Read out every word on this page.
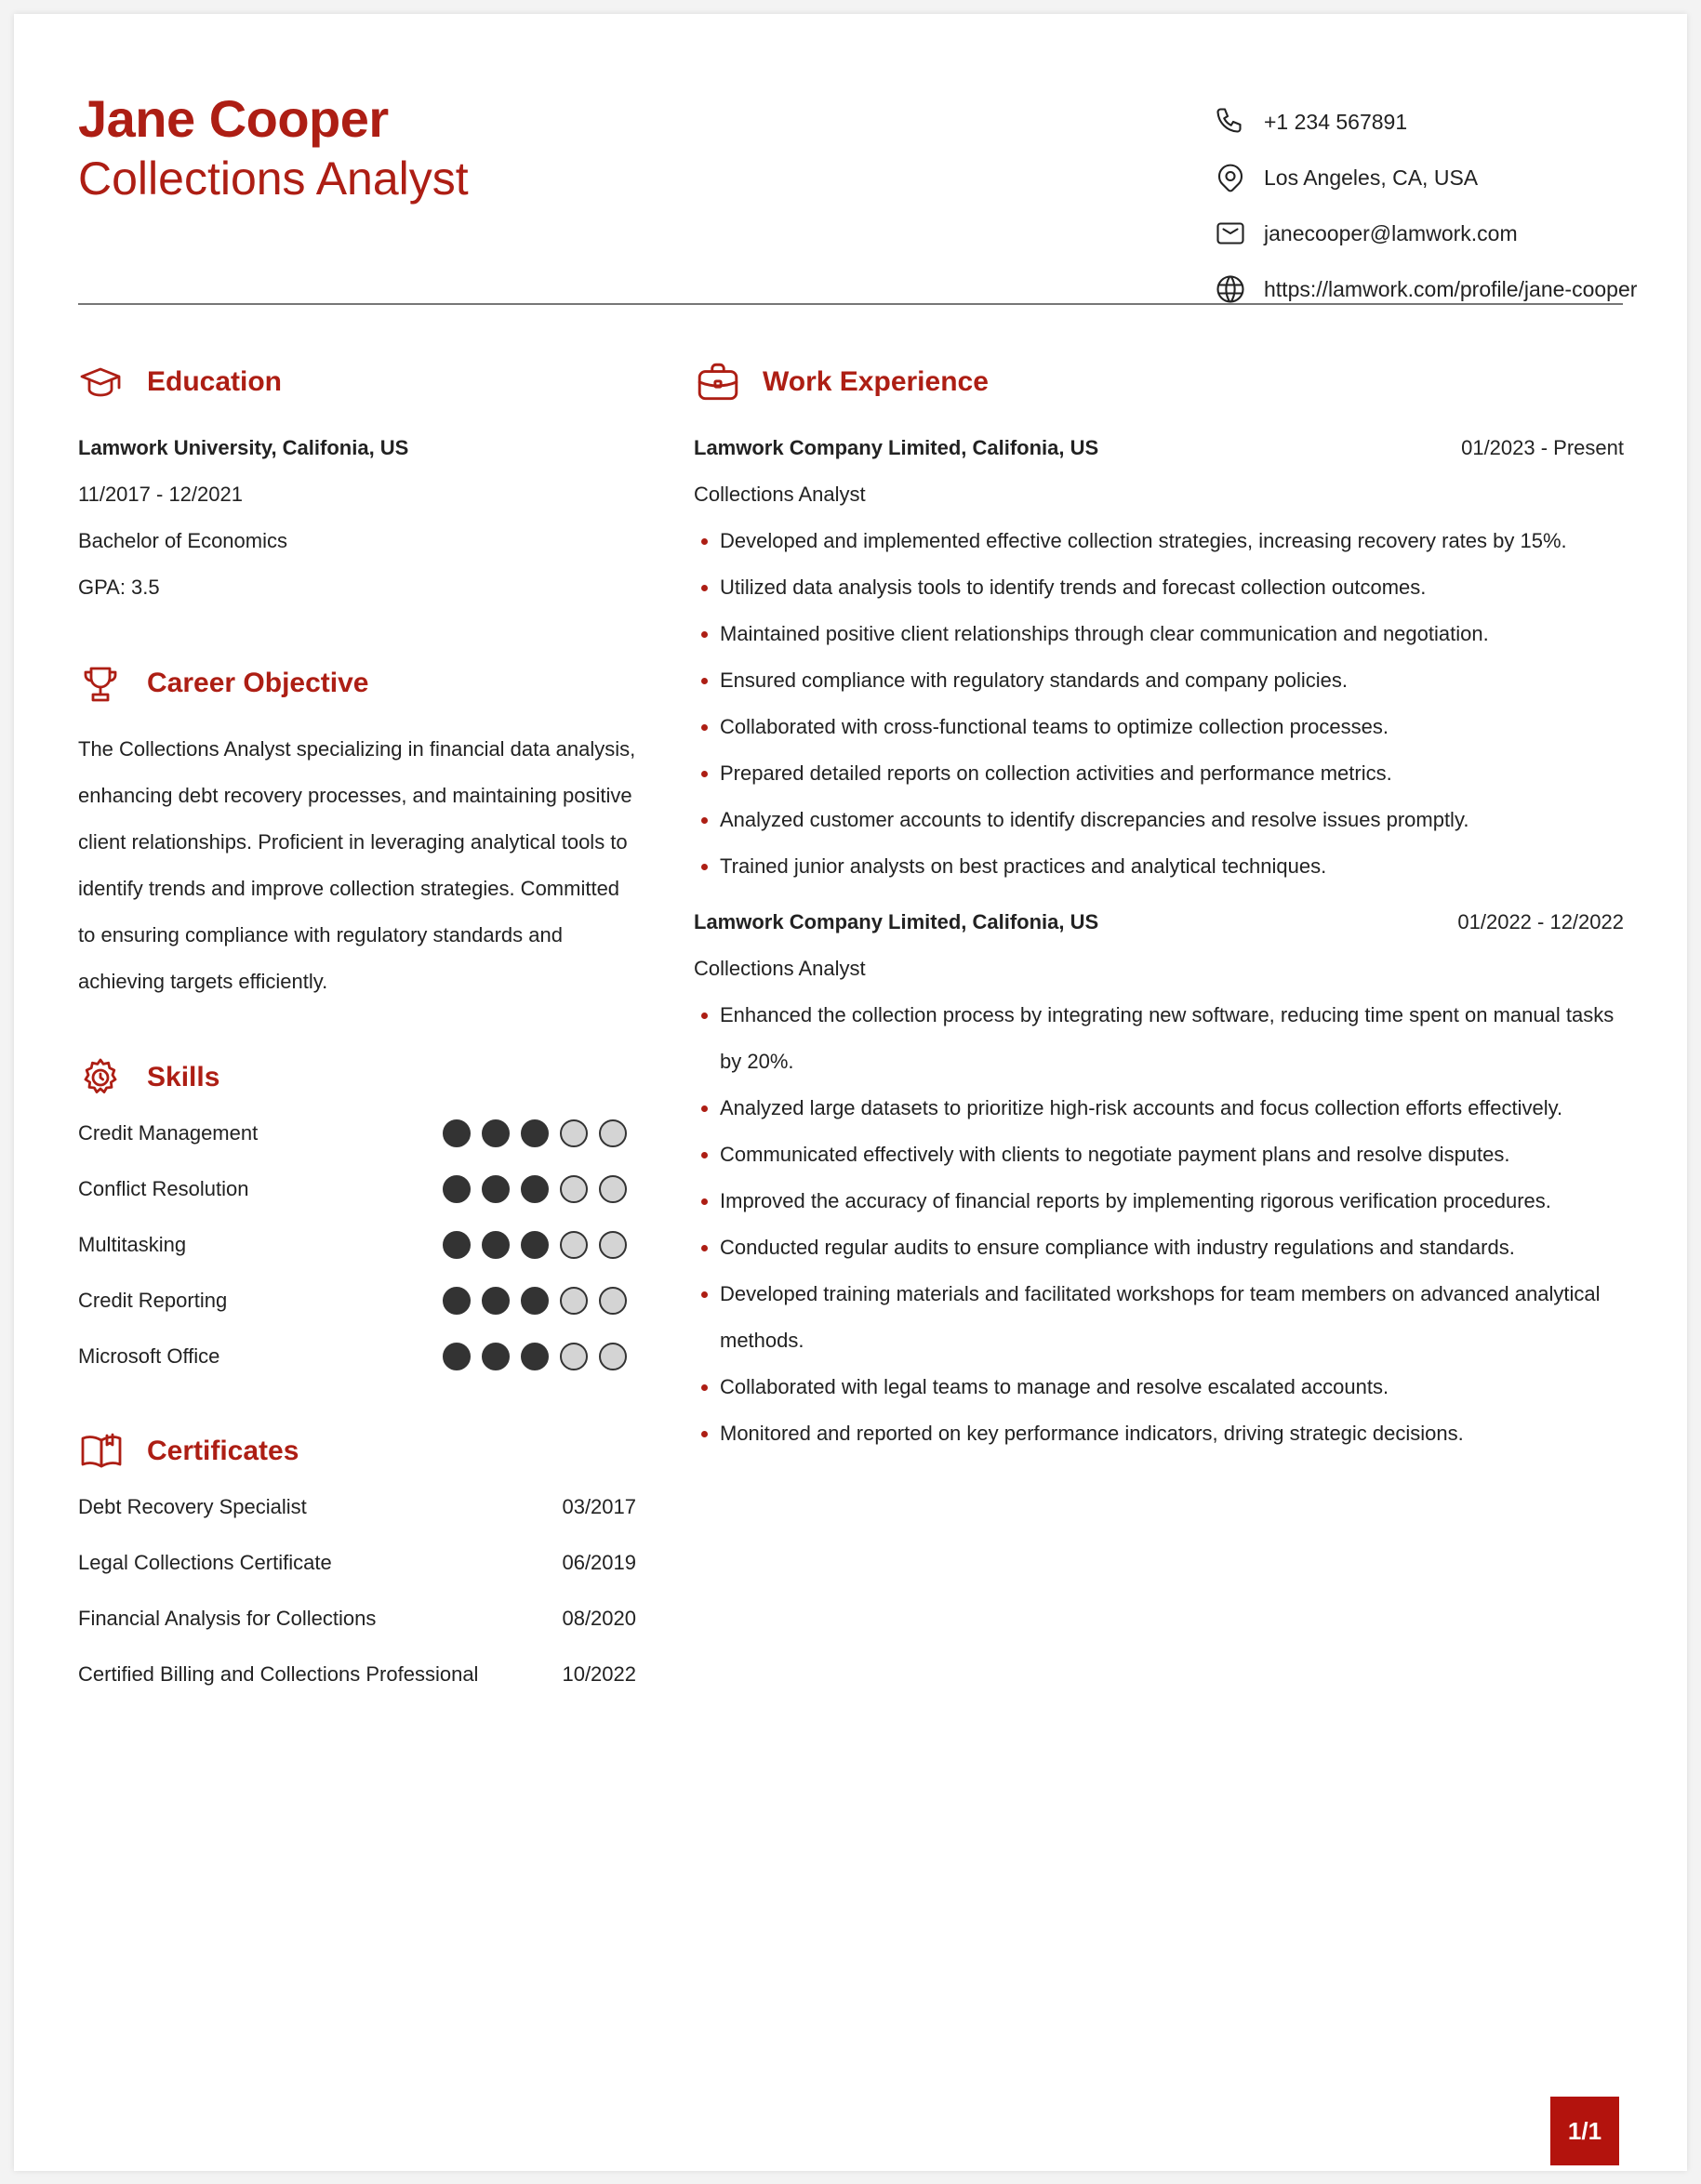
Jane Cooper
Collections Analyst
+1 234 567891
Los Angeles, CA, USA
janecooper@lamwork.com
https://lamwork.com/profile/jane-cooper
Education
Lamwork University, Califonia, US
11/2017 - 12/2021
Bachelor of Economics
GPA: 3.5
Career Objective

The Collections Analyst specializing in financial data analysis,

enhancing debt recovery processes, and maintaining positive

client relationships. Proficient in leveraging analytical tools to

identify trends and improve collection strategies. Committed

to ensuring compliance with regulatory standards and

achieving targets efficiently.

Skills
Credit Management
Conflict Resolution
Multitasking
Credit Reporting
Microsoft Office
Certificates
Debt Recovery Specialist	03/2017
Legal Collections Certificate	06/2019
Financial Analysis for Collections	08/2020
Certified Billing and Collections Professional	10/2022
Work Experience
Lamwork Company Limited, Califonia, US	01/2023 - Present
Collections Analyst
Developed and implemented effective collection strategies, increasing recovery rates by 15%.
Utilized data analysis tools to identify trends and forecast collection outcomes.
Maintained positive client relationships through clear communication and negotiation.
Ensured compliance with regulatory standards and company policies.
Collaborated with cross-functional teams to optimize collection processes.
Prepared detailed reports on collection activities and performance metrics.
Analyzed customer accounts to identify discrepancies and resolve issues promptly.
Trained junior analysts on best practices and analytical techniques.
Lamwork Company Limited, Califonia, US	01/2022 - 12/2022
Collections Analyst
Enhanced the collection process by integrating new software, reducing time spent on manual tasks by 20%.
Analyzed large datasets to prioritize high-risk accounts and focus collection efforts effectively.
Communicated effectively with clients to negotiate payment plans and resolve disputes.
Improved the accuracy of financial reports by implementing rigorous verification procedures.
Conducted regular audits to ensure compliance with industry regulations and standards.
Developed training materials and facilitated workshops for team members on advanced analytical methods.
Collaborated with legal teams to manage and resolve escalated accounts.
Monitored and reported on key performance indicators, driving strategic decisions.
1/1
